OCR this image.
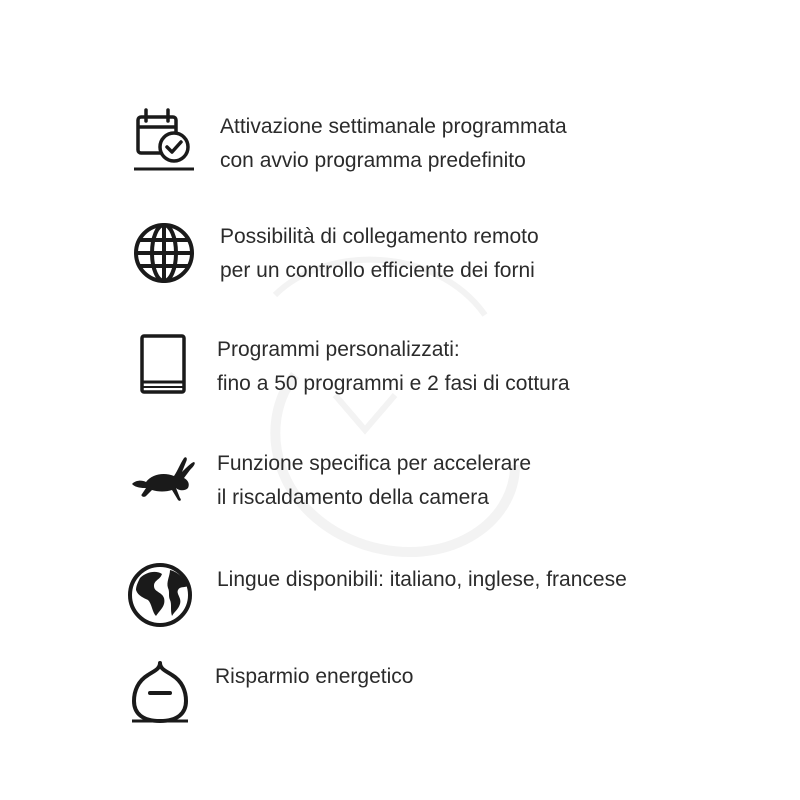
Attivazione settimanale programmata
con avvio programma predefinito
Possibilità di collegamento remoto
per un controllo efficiente dei forni
Programmi personalizzati:
fino a 50 programmi e 2 fasi di cottura
Funzione specifica per accelerare
il riscaldamento della camera
Lingue disponibili: italiano, inglese, francese
Risparmio energetico
